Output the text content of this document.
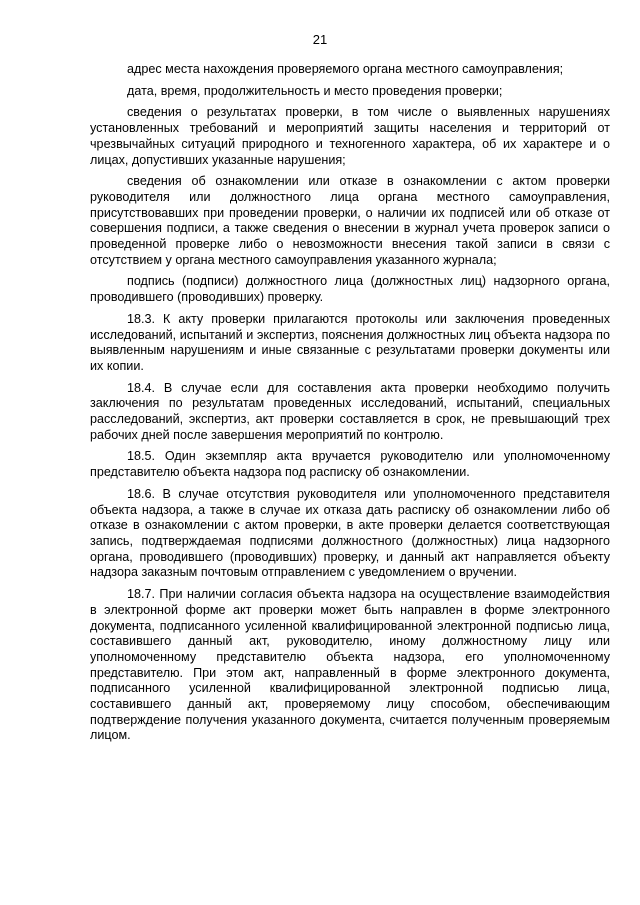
21

адрес места нахождения проверяемого органа местного самоуправления;

дата, время, продолжительность и место проведения проверки;

сведения о результатах проверки, в том числе о выявленных нарушениях установленных требований и мероприятий защиты населения и территорий от чрезвычайных ситуаций природного и техногенного характера, об их характере и о лицах, допустивших указанные нарушения;

сведения об ознакомлении или отказе в ознакомлении с актом проверки руководителя или должностного лица органа местного самоуправления, присутствовавших при проведении проверки, о наличии их подписей или об отказе от совершения подписи, а также сведения о внесении в журнал учета проверок записи о проведенной проверке либо о невозможности внесения такой записи в связи с отсутствием у органа местного самоуправления указанного журнала;

подпись (подписи) должностного лица (должностных лиц) надзорного органа, проводившего (проводивших) проверку.

18.3. К акту проверки прилагаются протоколы или заключения проведенных исследований, испытаний и экспертиз, пояснения должностных лиц объекта надзора по выявленным нарушениям и иные связанные с результатами проверки документы или их копии.

18.4. В случае если для составления акта проверки необходимо получить заключения по результатам проведенных исследований, испытаний, специальных расследований, экспертиз, акт проверки составляется в срок, не превышающий трех рабочих дней после завершения мероприятий по контролю.

18.5. Один экземпляр акта вручается руководителю или уполномоченному представителю объекта надзора под расписку об ознакомлении.

18.6. В случае отсутствия руководителя или уполномоченного представителя объекта надзора, а также в случае их отказа дать расписку об ознакомлении либо об отказе в ознакомлении с актом проверки, в акте проверки делается соответствующая запись, подтверждаемая подписями должностного (должностных) лица надзорного органа, проводившего (проводивших) проверку, и данный акт направляется объекту надзора заказным почтовым отправлением с уведомлением о вручении.

18.7. При наличии согласия объекта надзора на осуществление взаимодействия в электронной форме акт проверки может быть направлен в форме электронного документа, подписанного усиленной квалифицированной электронной подписью лица, составившего данный акт, руководителю, иному должностному лицу или уполномоченному представителю объекта надзора, его уполномоченному представителю. При этом акт, направленный в форме электронного документа, подписанного усиленной квалифицированной электронной подписью лица, составившего данный акт, проверяемому лицу способом, обеспечивающим подтверждение получения указанного документа, считается полученным проверяемым лицом.
